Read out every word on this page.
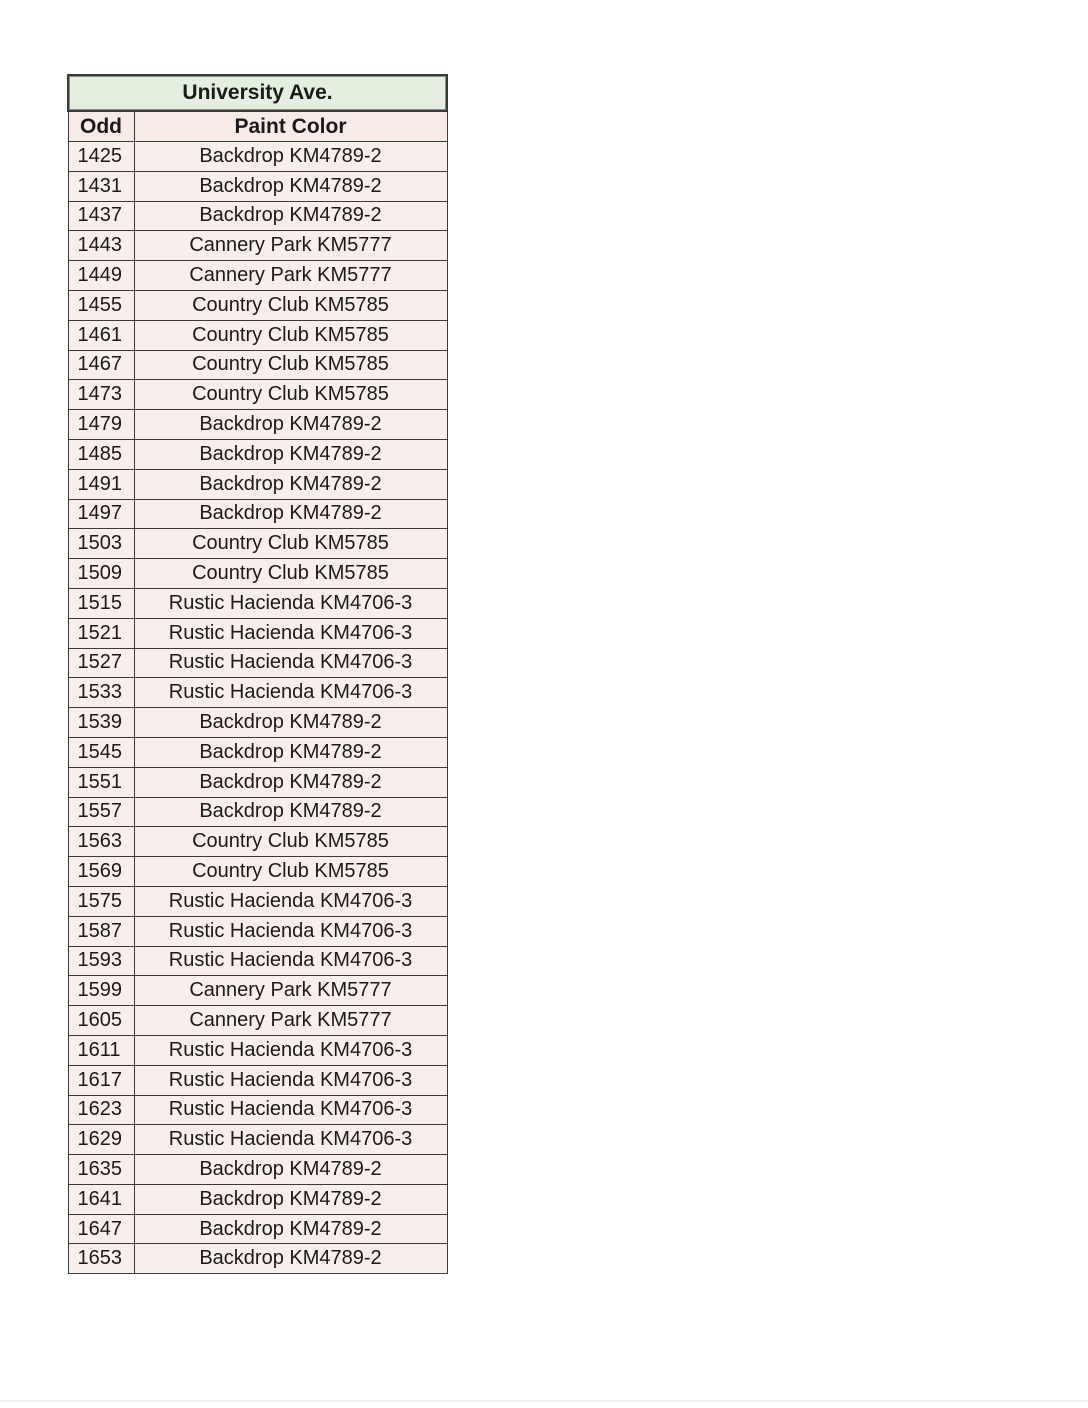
University Ave.	
Odd	Paint Color
1425	Backdrop KM4789-2
1431	Backdrop KM4789-2
1437	Backdrop KM4789-2
1443	Cannery Park KM5777
1449	Cannery Park KM5777
1455	Country Club KM5785
1461	Country Club KM5785
1467	Country Club KM5785
1473	Country Club KM5785
1479	Backdrop KM4789-2
1485	Backdrop KM4789-2
1491	Backdrop KM4789-2
1497	Backdrop KM4789-2
1503	Country Club KM5785
1509	Country Club KM5785
1515	Rustic Hacienda KM4706-3
1521	Rustic Hacienda KM4706-3
1527	Rustic Hacienda KM4706-3
1533	Rustic Hacienda KM4706-3
1539	Backdrop KM4789-2
1545	Backdrop KM4789-2
1551	Backdrop KM4789-2
1557	Backdrop KM4789-2
1563	Country Club KM5785
1569	Country Club KM5785
1575	Rustic Hacienda KM4706-3
1587	Rustic Hacienda KM4706-3
1593	Rustic Hacienda KM4706-3
1599	Cannery Park KM5777
1605	Cannery Park KM5777
1611	Rustic Hacienda KM4706-3
1617	Rustic Hacienda KM4706-3
1623	Rustic Hacienda KM4706-3
1629	Rustic Hacienda KM4706-3
1635	Backdrop KM4789-2
1641	Backdrop KM4789-2
1647	Backdrop KM4789-2
1653	Backdrop KM4789-2
